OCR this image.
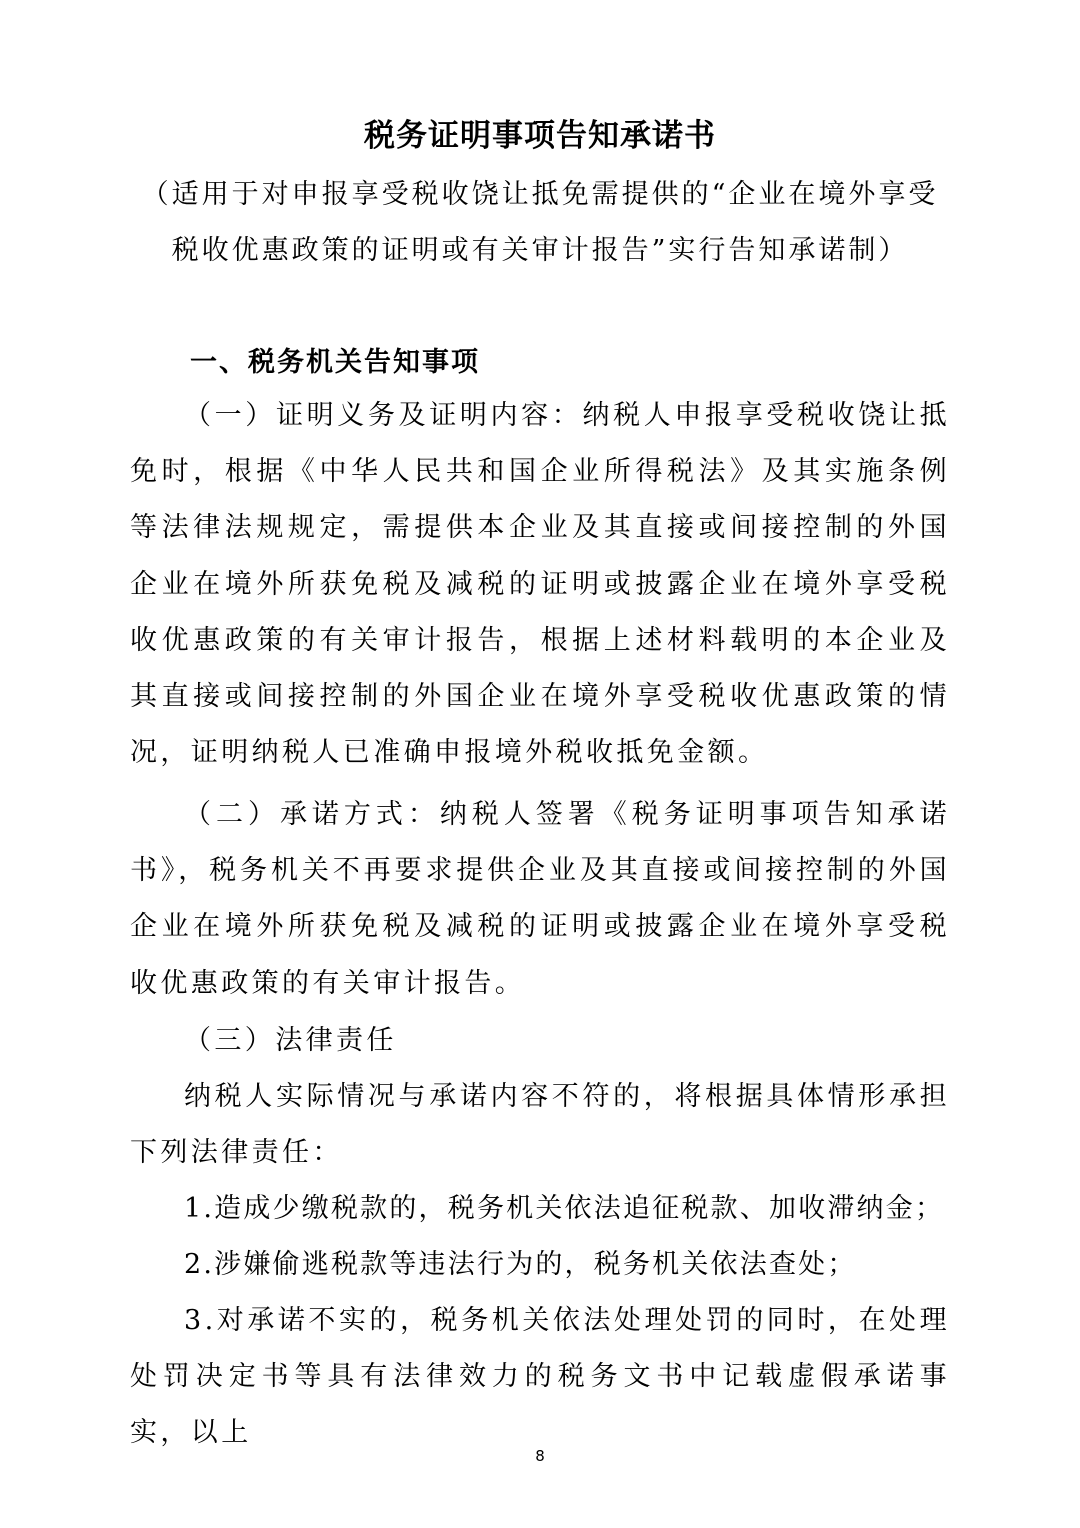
税务证明事项告知承诺书
（适用于对申报享受税收饶让抵免需提供的“企业在境外享受
税收优惠政策的证明或有关审计报告”实行告知承诺制）
一、税务机关告知事项
（一）证明义务及证明内容：纳税人申报享受税收饶让抵免时，根据《中华人民共和国企业所得税法》及其实施条例等法律法规规定，需提供本企业及其直接或间接控制的外国企业在境外所获免税及减税的证明或披露企业在境外享受税收优惠政策的有关审计报告，根据上述材料载明的本企业及其直接或间接控制的外国企业在境外享受税收优惠政策的情况，证明纳税人已准确申报境外税收抵免金额。
（二）承诺方式：纳税人签署《税务证明事项告知承诺书》，税务机关不再要求提供企业及其直接或间接控制的外国企业在境外所获免税及减税的证明或披露企业在境外享受税收优惠政策的有关审计报告。
（三）法律责任
纳税人实际情况与承诺内容不符的，将根据具体情形承担下列法律责任：
1.造成少缴税款的，税务机关依法追征税款、加收滞纳金；
2.涉嫌偷逃税款等违法行为的，税务机关依法查处；
3.对承诺不实的，税务机关依法处理处罚的同时，在处理处罚决定书等具有法律效力的税务文书中记载虚假承诺事实，以上
8
